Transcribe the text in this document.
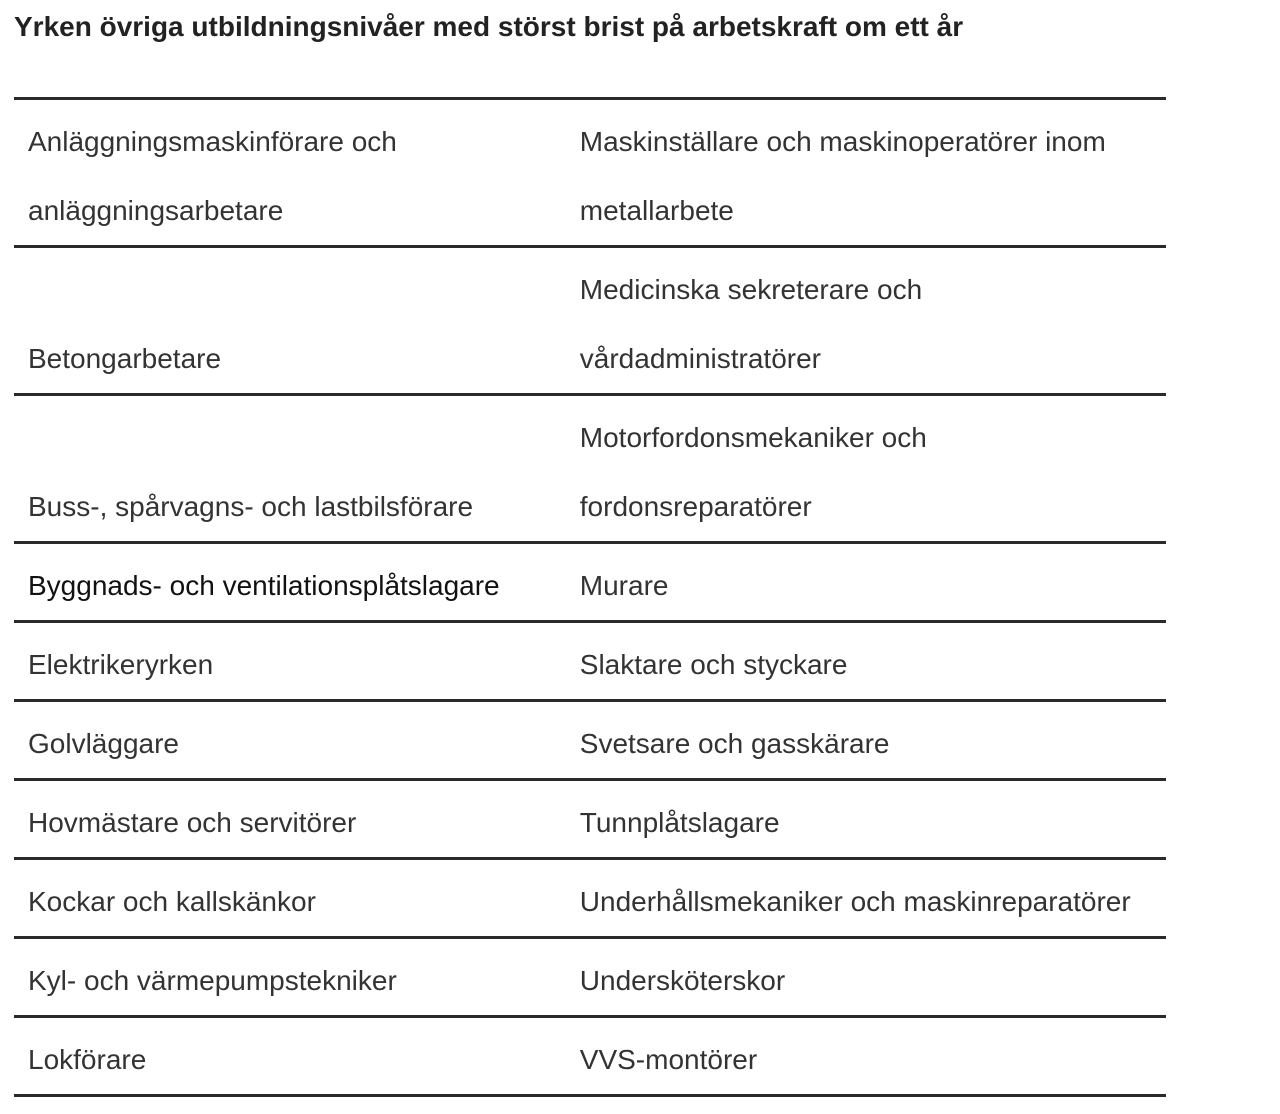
Yrken övriga utbildningsnivåer med störst brist på arbetskraft om ett år
Anläggningsmaskinförare och anläggningsarbetare	Maskinställare och maskinoperatörer inom metallarbete

Betongarbetare	Medicinska sekreterare och vårdadministratörer

Buss-, spårvagns- och lastbilsförare	Motorfordonsmekaniker och fordonsreparatörer

Byggnads- och ventilationsplåtslagare	Murare

Elektrikeryrken	Slaktare och styckare

Golvläggare	Svetsare och gasskärare

Hovmästare och servitörer	Tunnplåtslagare

Kockar och kallskänkor	Underhållsmekaniker och maskinreparatörer

Kyl- och värmepumpstekniker	Undersköterskor

Lokförare	VVS-montörer
